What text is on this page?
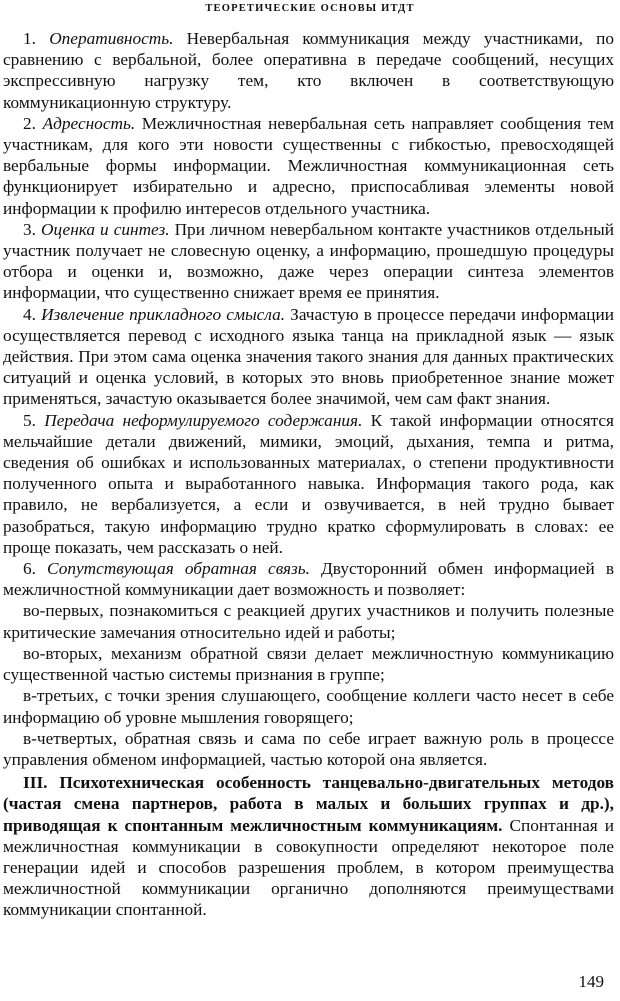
ТЕОРЕТИЧЕСКИЕ ОСНОВЫ ИТДТ

1. Оперативность. Невербальная коммуникация между участниками, по сравнению с вербальной, более оперативна в передаче сообщений, несущих экспрессивную нагрузку тем, кто включен в соответствующую коммуникационную структуру.

2. Адресность. Межличностная невербальная сеть направляет сообщения тем участникам, для кого эти новости существенны с гибкостью, превосходящей вербальные формы информации. Межличностная коммуникационная сеть функционирует избирательно и адресно, приспосабливая элементы новой информации к профилю интересов отдельного участника.

3. Оценка и синтез. При личном невербальном контакте участников отдельный участник получает не словесную оценку, а информацию, прошедшую процедуры отбора и оценки и, возможно, даже через операции синтеза элементов информации, что существенно снижает время ее принятия.

4. Извлечение прикладного смысла. Зачастую в процессе передачи информации осуществляется перевод с исходного языка танца на прикладной язык — язык действия. При этом сама оценка значения такого знания для данных практических ситуаций и оценка условий, в которых это вновь приобретенное знание может применяться, зачастую оказывается более значимой, чем сам факт знания.

5. Передача неформулируемого содержания. К такой информации относятся мельчайшие детали движений, мимики, эмоций, дыхания, темпа и ритма, сведения об ошибках и использованных материалах, о степени продуктивности полученного опыта и выработанного навыка. Информация такого рода, как правило, не вербализуется, а если и озвучивается, в ней трудно бывает разобраться, такую информацию трудно кратко сформулировать в словах: ее проще показать, чем рассказать о ней.

6. Сопутствующая обратная связь. Двусторонний обмен информацией в межличностной коммуникации дает возможность и позволяет:

во-первых, познакомиться с реакцией других участников и получить полезные критические замечания относительно идей и работы;

во-вторых, механизм обратной связи делает межличностную коммуникацию существенной частью системы признания в группе;

в-третьих, с точки зрения слушающего, сообщение коллеги часто несет в себе информацию об уровне мышления говорящего;

в-четвертых, обратная связь и сама по себе играет важную роль в процессе управления обменом информацией, частью которой она является.

III. Психотехническая особенность танцевально-двигательных методов (частая смена партнеров, работа в малых и больших группах и др.), приводящая к спонтанным межличностным коммуникациям. Спонтанная и межличностная коммуникации в совокупности определяют некоторое поле генерации идей и способов разрешения проблем, в котором преимущества межличностной коммуникации органично дополняются преимуществами коммуникации спонтанной.

149
